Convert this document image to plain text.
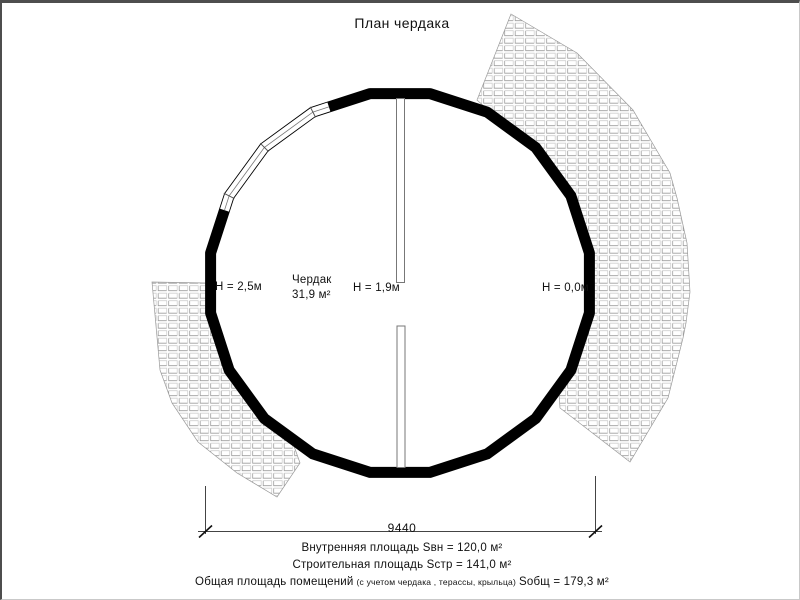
План чердака
Чердак
31,9 м²
H = 2,5м	H = 1,9м	H = 0,0м
9440
Внутренняя площадь Sвн = 120,0 м²
Строительная площадь Sстр = 141,0 м²
Общая площадь помещений (с учетом чердака , терассы, крыльца) Sобщ = 179,3 м²
